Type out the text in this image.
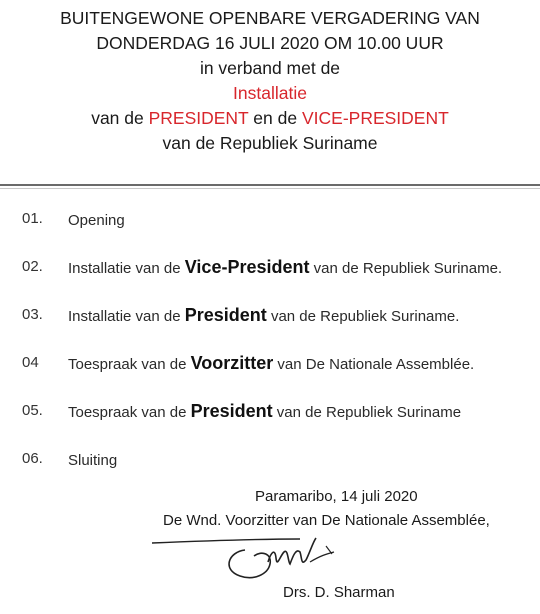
BUITENGEWONE OPENBARE VERGADERING VAN
DONDERDAG 16 JULI 2020 OM 10.00 UUR
in verband met de
Installatie
van de PRESIDENT en de VICE-PRESIDENT
van de Republiek Suriname
01. Opening
02. Installatie van de Vice-President van de Republiek Suriname.
03. Installatie van de President van de Republiek Suriname.
04 Toespraak van de Voorzitter van De Nationale Assemblée.
05. Toespraak van de President van de Republiek Suriname
06. Sluiting
Paramaribo, 14 juli 2020
De Wnd. Voorzitter van De Nationale Assemblée,
Drs. D. Sharman
